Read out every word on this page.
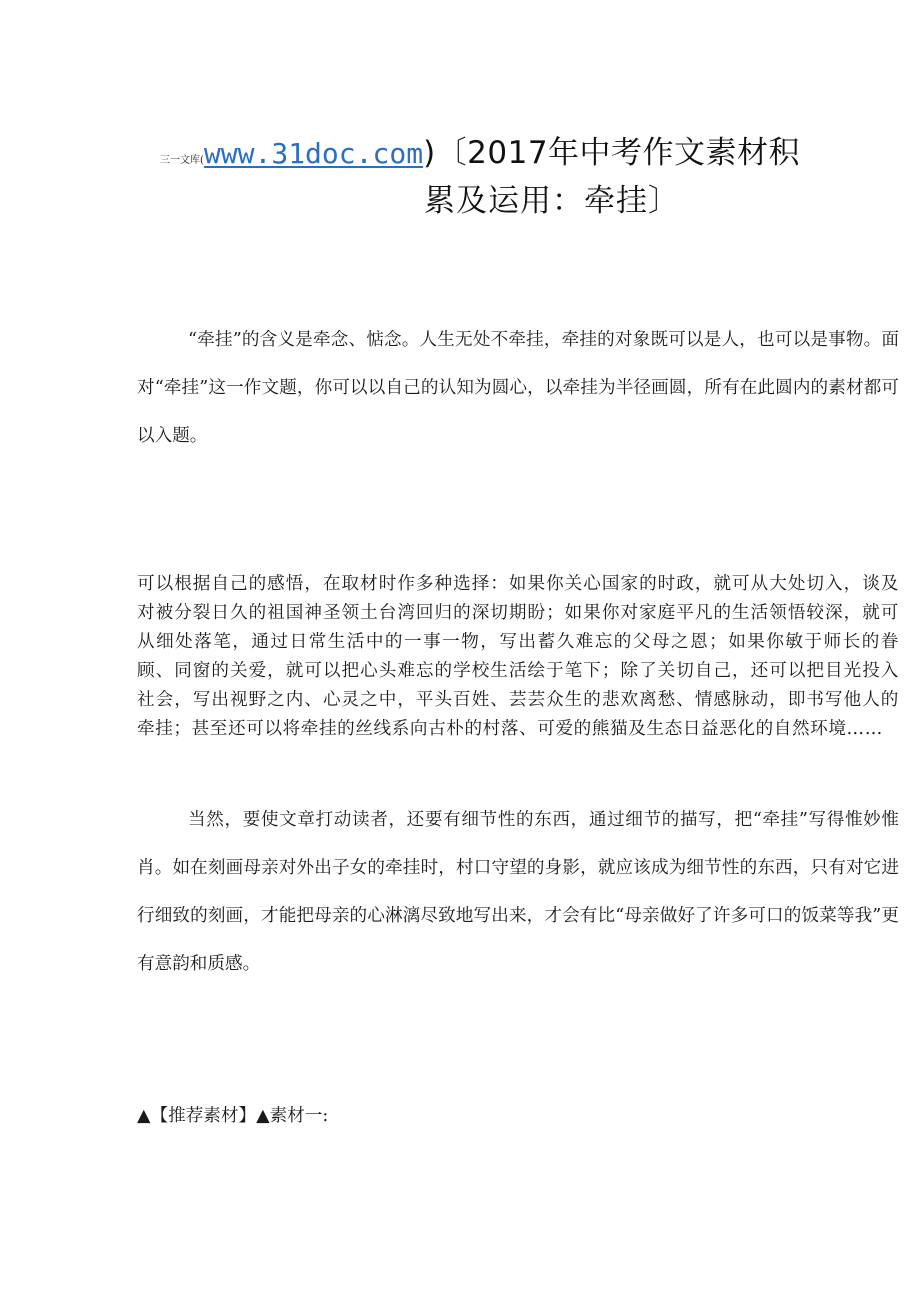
三一文库(www.31doc.com)〔2017年中考作文素材积
累及运用：牵挂〕

“牵挂”的含义是牵念、惦念。人生无处不牵挂，牵挂的对象既可以是人，也可以是事物。面对“牵挂”这一作文题，你可以以自己的认知为圆心，以牵挂为半径画圆，所有在此圆内的素材都可以入题。

可以根据自己的感悟，在取材时作多种选择：如果你关心国家的时政，就可从大处切入，谈及对被分裂日久的祖国神圣领土台湾回归的深切期盼；如果你对家庭平凡的生活领悟较深，就可从细处落笔，通过日常生活中的一事一物，写出蓄久难忘的父母之恩；如果你敏于师长的眷顾、同窗的关爱，就可以把心头难忘的学校生活绘于笔下；除了关切自己，还可以把目光投入社会，写出视野之内、心灵之中，平头百姓、芸芸众生的悲欢离愁、情感脉动，即书写他人的牵挂；甚至还可以将牵挂的丝线系向古朴的村落、可爱的熊猫及生态日益恶化的自然环境……

当然，要使文章打动读者，还要有细节性的东西，通过细节的描写，把“牵挂”写得惟妙惟肖。如在刻画母亲对外出子女的牵挂时，村口守望的身影，就应该成为细节性的东西，只有对它进行细致的刻画，才能把母亲的心淋漓尽致地写出来，才会有比“母亲做好了许多可口的饭菜等我”更有意韵和质感。

▲【推荐素材】▲素材一:
